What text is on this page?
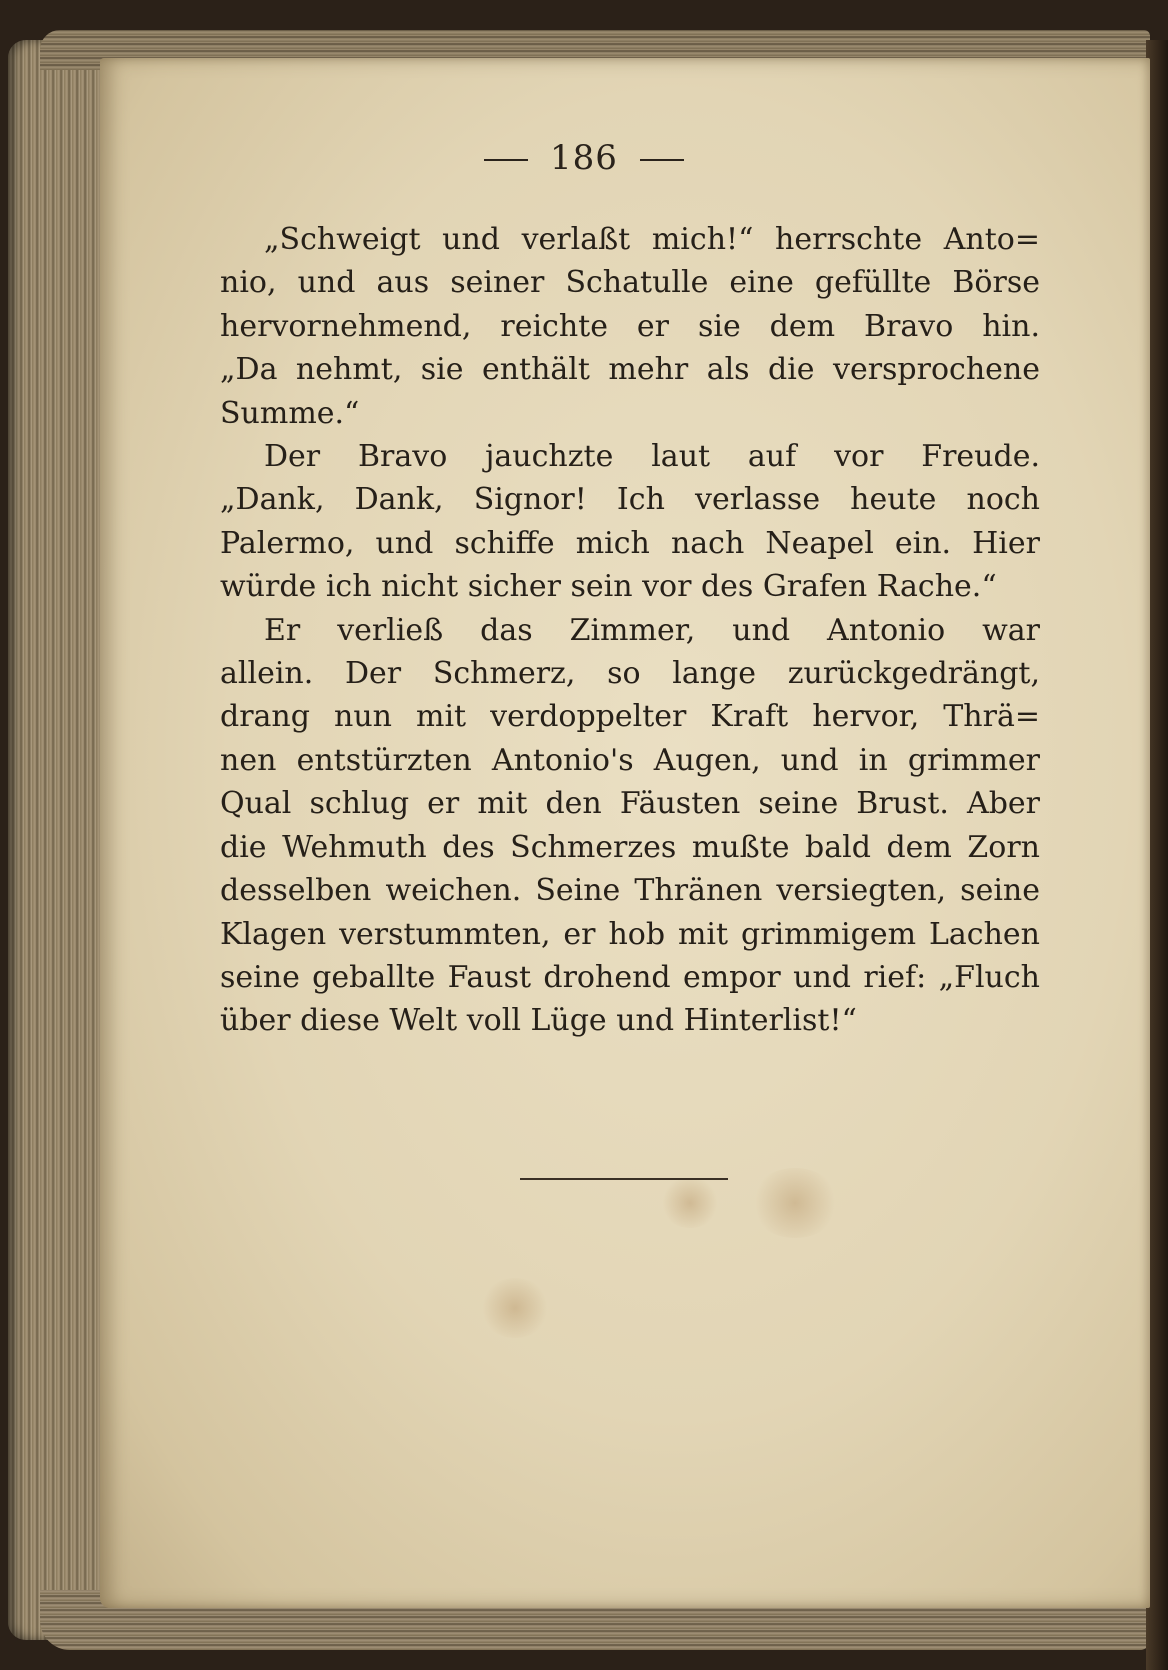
186
„Schweigt und verlaßt mich!“ herrschte Anto=
nio, und aus seiner Schatulle eine gefüllte Börse
hervornehmend, reichte er sie dem Bravo hin.
„Da nehmt, sie enthält mehr als die versprochene
Summe.“
Der Bravo jauchzte laut auf vor Freude.
„Dank, Dank, Signor! Ich verlasse heute noch
Palermo, und schiffe mich nach Neapel ein. Hier
würde ich nicht sicher sein vor des Grafen Rache.“
Er verließ das Zimmer, und Antonio war
allein. Der Schmerz, so lange zurückgedrängt,
drang nun mit verdoppelter Kraft hervor, Thrä=
nen entstürzten Antonio's Augen, und in grimmer
Qual schlug er mit den Fäusten seine Brust. Aber
die Wehmuth des Schmerzes mußte bald dem Zorn
desselben weichen. Seine Thränen versiegten, seine
Klagen verstummten, er hob mit grimmigem Lachen
seine geballte Faust drohend empor und rief: „Fluch
über diese Welt voll Lüge und Hinterlist!“
